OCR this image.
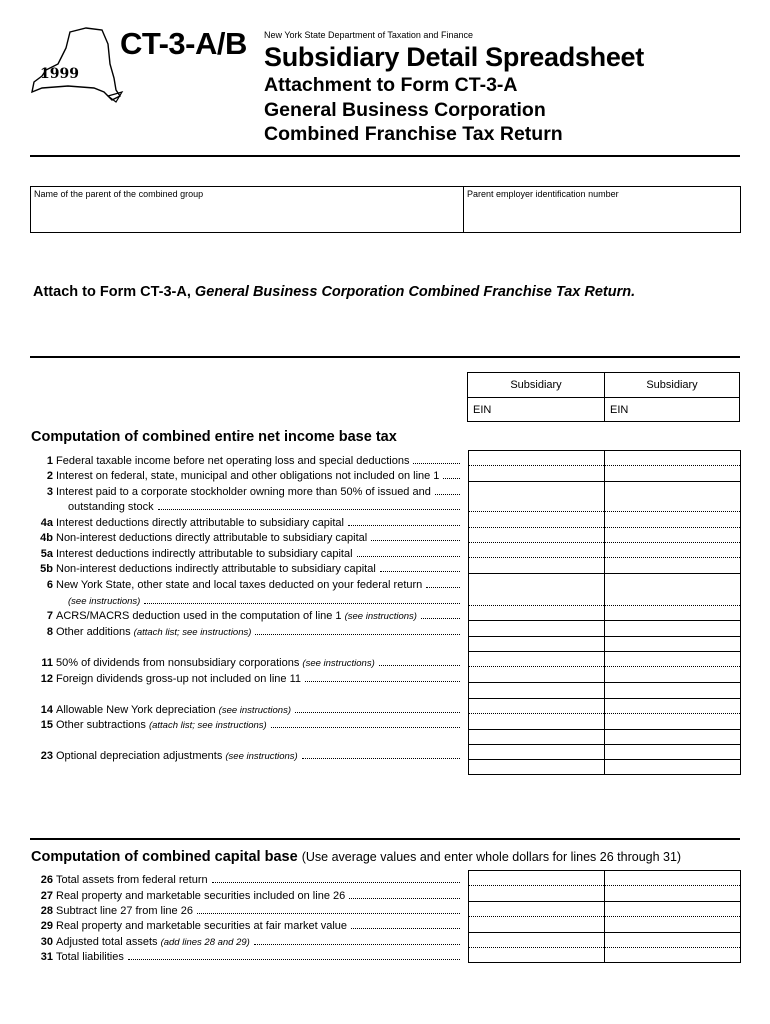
1999
CT-3-A/B New York State Department of Taxation and Finance
Subsidiary Detail Spreadsheet
Attachment to Form CT-3-A
General Business Corporation
Combined Franchise Tax Return
Name of the parent of the combined group	Parent employer identification number
Attach to Form CT-3-A, General Business Corporation Combined Franchise Tax Return.
Subsidiary	Subsidiary
EIN	EIN
Computation of combined entire net income base tax
1 Federal taxable income before net operating loss and special deductions
2 Interest on federal, state, municipal and other obligations not included on line 1
3 Interest paid to a corporate stockholder owning more than 50% of issued and
outstanding stock
4a Interest deductions directly attributable to subsidiary capital
4b Non-interest deductions directly attributable to subsidiary capital
5a Interest deductions indirectly attributable to subsidiary capital
5b Non-interest deductions indirectly attributable to subsidiary capital
6 New York State, other state and local taxes deducted on your federal return
(see instructions)
7 ACRS/MACRS deduction used in the computation of line 1 (see instructions)
8 Other additions (attach list; see instructions)
11 50% of dividends from nonsubsidiary corporations (see instructions)
12 Foreign dividends gross-up not included on line 11
14 Allowable New York depreciation (see instructions)
15 Other subtractions (attach list; see instructions)
23 Optional depreciation adjustments (see instructions)
Computation of combined capital base (Use average values and enter whole dollars for lines 26 through 31)
26 Total assets from federal return
27 Real property and marketable securities included on line 26
28 Subtract line 27 from line 26
29 Real property and marketable securities at fair market value
30 Adjusted total assets (add lines 28 and 29)
31 Total liabilities
